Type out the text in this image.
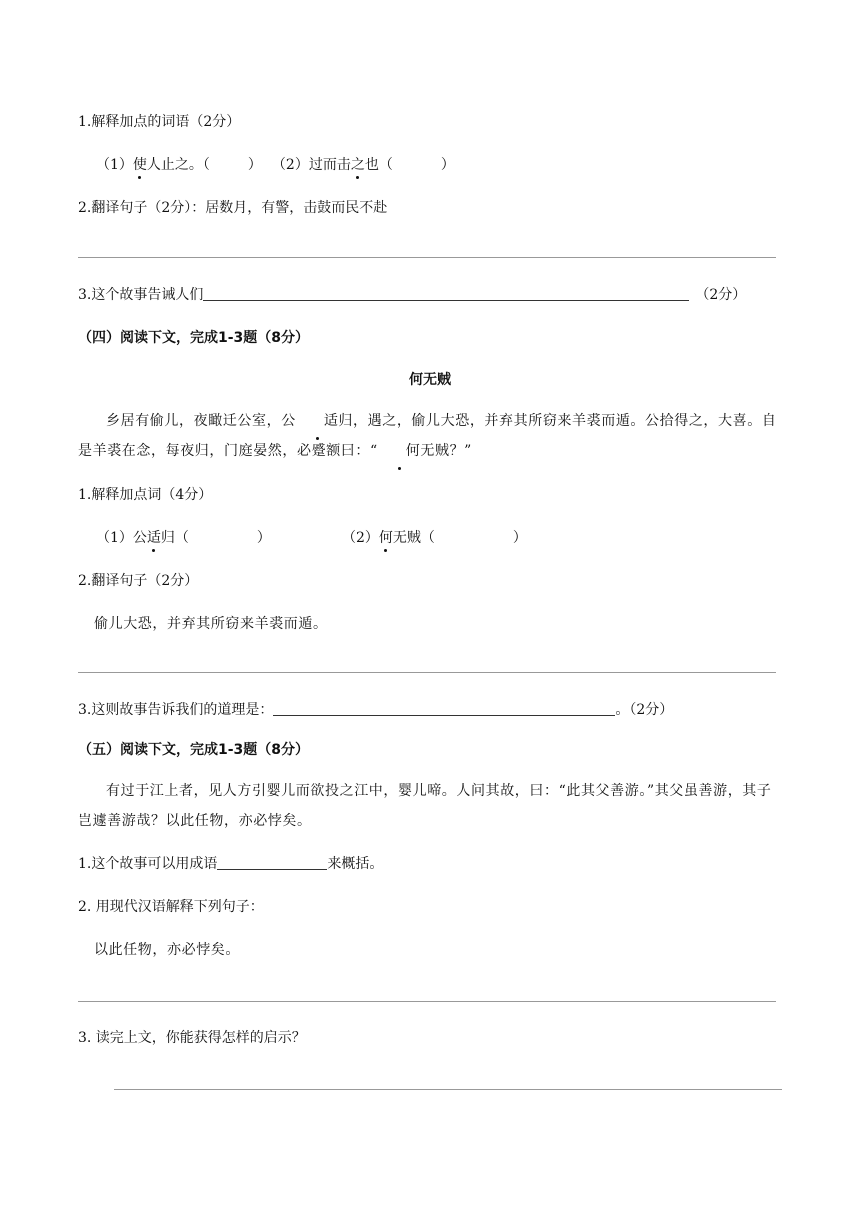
1.解释加点的词语（2分）
（1）使人止之。（	） （2）过而击之也（	）
2.翻译句子（2分）：居数月，有警，击鼓而民不赴
3.这个故事告诫人们	（2分）
（四）阅读下文，完成1-3题（8分）
何无贼
乡居有偷儿，夜瞰迁公室，公 适归，遇之，偷儿大恐，并弃其所窃来羊裘而遁。公拾得之，大喜。自是羊裘在念，每夜归，门庭晏然，必蹙额曰：“ 何无贼？”
1.解释加点词（4分）
（1）公适归（	）	（2）何无贼（	）
2.翻译句子（2分）
偷儿大恐，并弃其所窃来羊裘而遁。
3.这则故事告诉我们的道理是：	。（2分）
（五）阅读下文，完成1-3题（8分）
有过于江上者，见人方引婴儿而欲投之江中，婴儿啼。人问其故，曰：“此其父善游。”其父虽善游，其子岂遽善游哉？以此任物，亦必悖矣。
1.这个故事可以用成语	来概括。
2. 用现代汉语解释下列句子：
以此任物，亦必悖矣。
3. 读完上文，你能获得怎样的启示？
